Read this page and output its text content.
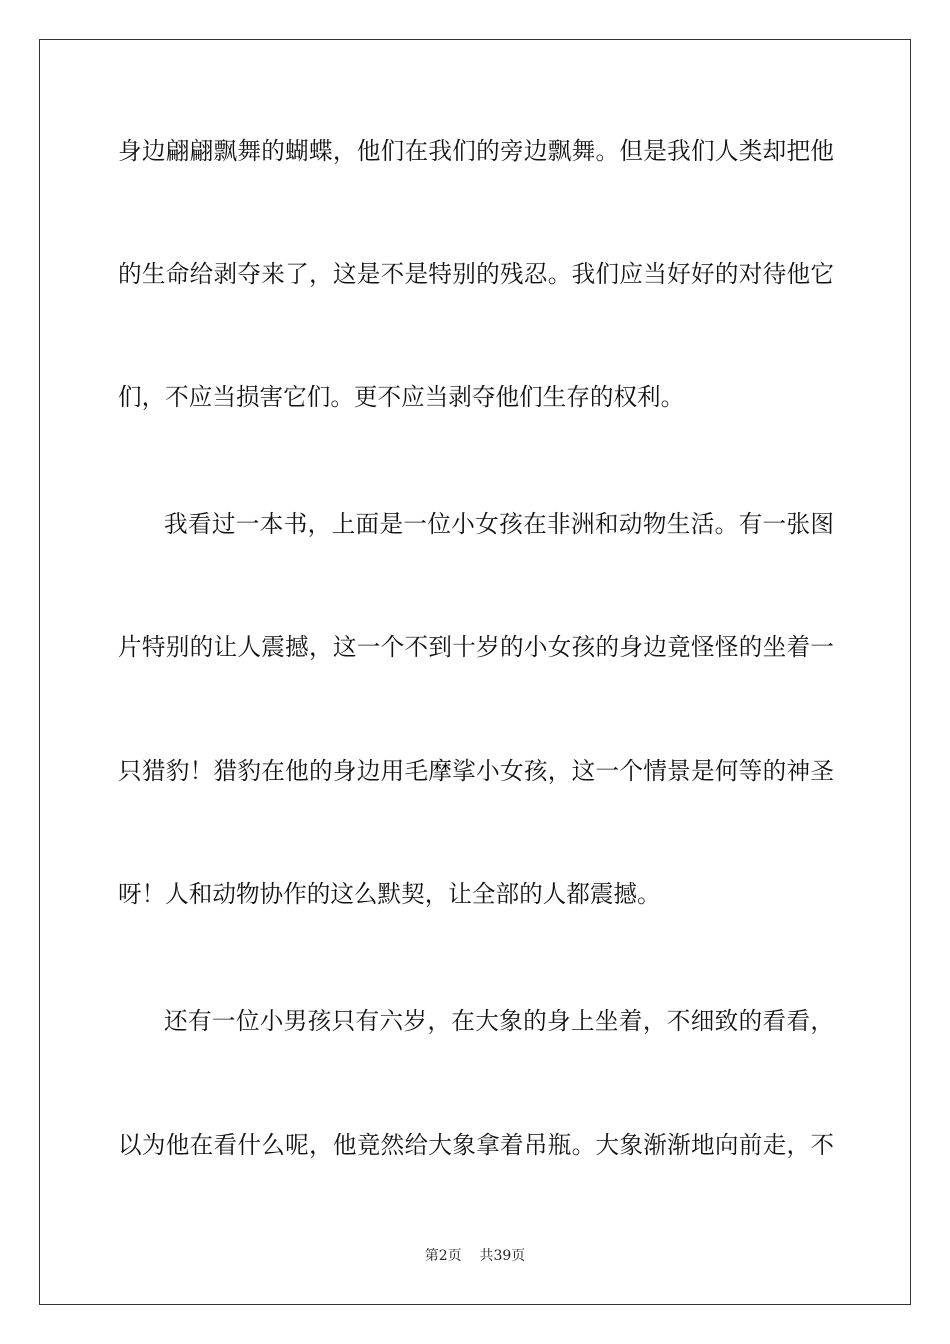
身边翩翩飘舞的蝴蝶，他们在我们的旁边飘舞。但是我们人类却把他
的生命给剥夺来了，这是不是特别的残忍。我们应当好好的对待他它
们，不应当损害它们。更不应当剥夺他们生存的权利。
我看过一本书，上面是一位小女孩在非洲和动物生活。有一张图
片特别的让人震撼，这一个不到十岁的小女孩的身边竟怪怪的坐着一
只猎豹！猎豹在他的身边用毛摩挲小女孩，这一个情景是何等的神圣
呀！人和动物协作的这么默契，让全部的人都震撼。
还有一位小男孩只有六岁，在大象的身上坐着，不细致的看看，
以为他在看什么呢，他竟然给大象拿着吊瓶。大象渐渐地向前走，不
第2页 共39页
